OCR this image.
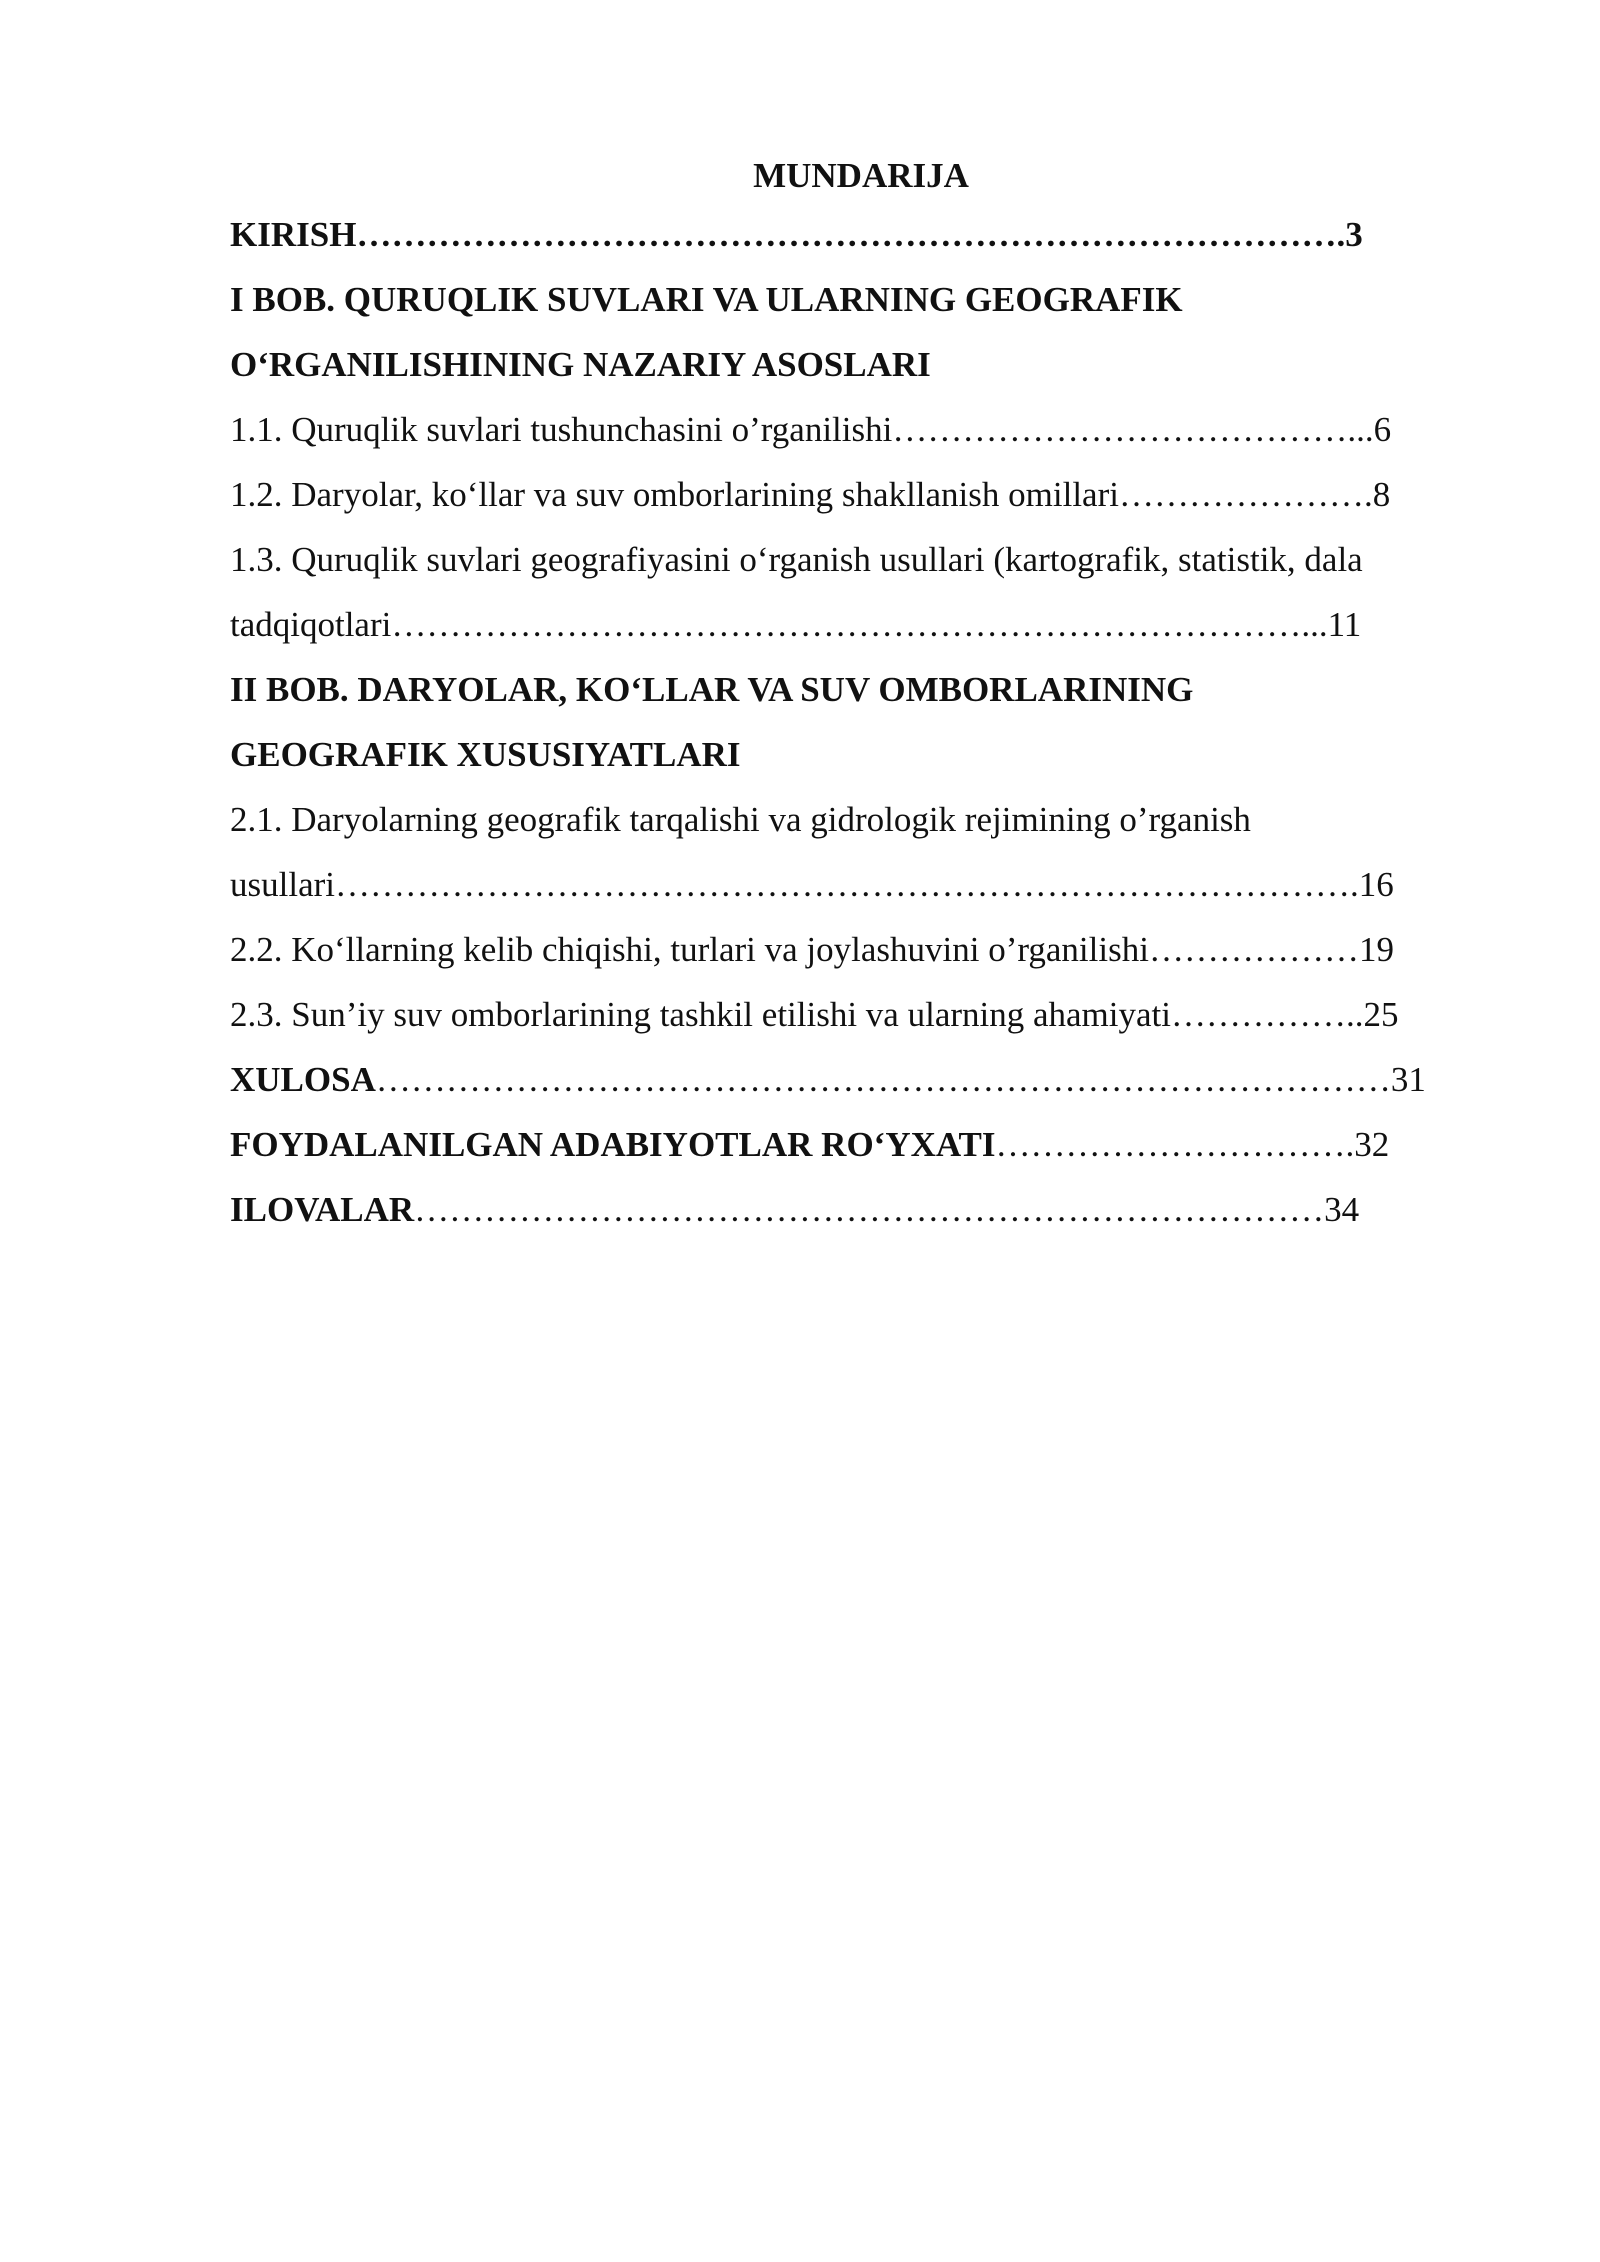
MUNDARIJA
KIRISH………………………………………………………………………….3
I BOB. QURUQLIK SUVLARI VA ULARNING GEOGRAFIK
O‘RGANILISHINING NAZARIY ASOSLARI
1.1. Quruqlik suvlari tushunchasini o’rganilishi…………………………………...6
1.2. Daryolar, ko‘llar va suv omborlarining shakllanish omillari………………….8
1.3. Quruqlik suvlari geografiyasini o‘rganish usullari (kartografik, statistik, dala
tadqiqotlari……………………………………………………………………...11
II BOB. DARYOLAR, KO‘LLAR VA SUV OMBORLARINING
GEOGRAFIK XUSUSIYATLARI
2.1. Daryolarning geografik tarqalishi va gidrologik rejimining o’rganish
usullari…………………………………………………………………………….16
2.2. Ko‘llarning kelib chiqishi, turlari va joylashuvini o’rganilishi………………19
2.3. Sun’iy suv omborlarining tashkil etilishi va ularning ahamiyati……………..25
XULOSA……………………………………………………………………………31
FOYDALANILGAN ADABIYOTLAR RO‘YXATI………………………….32
ILOVALAR……………………………………………………………………34
